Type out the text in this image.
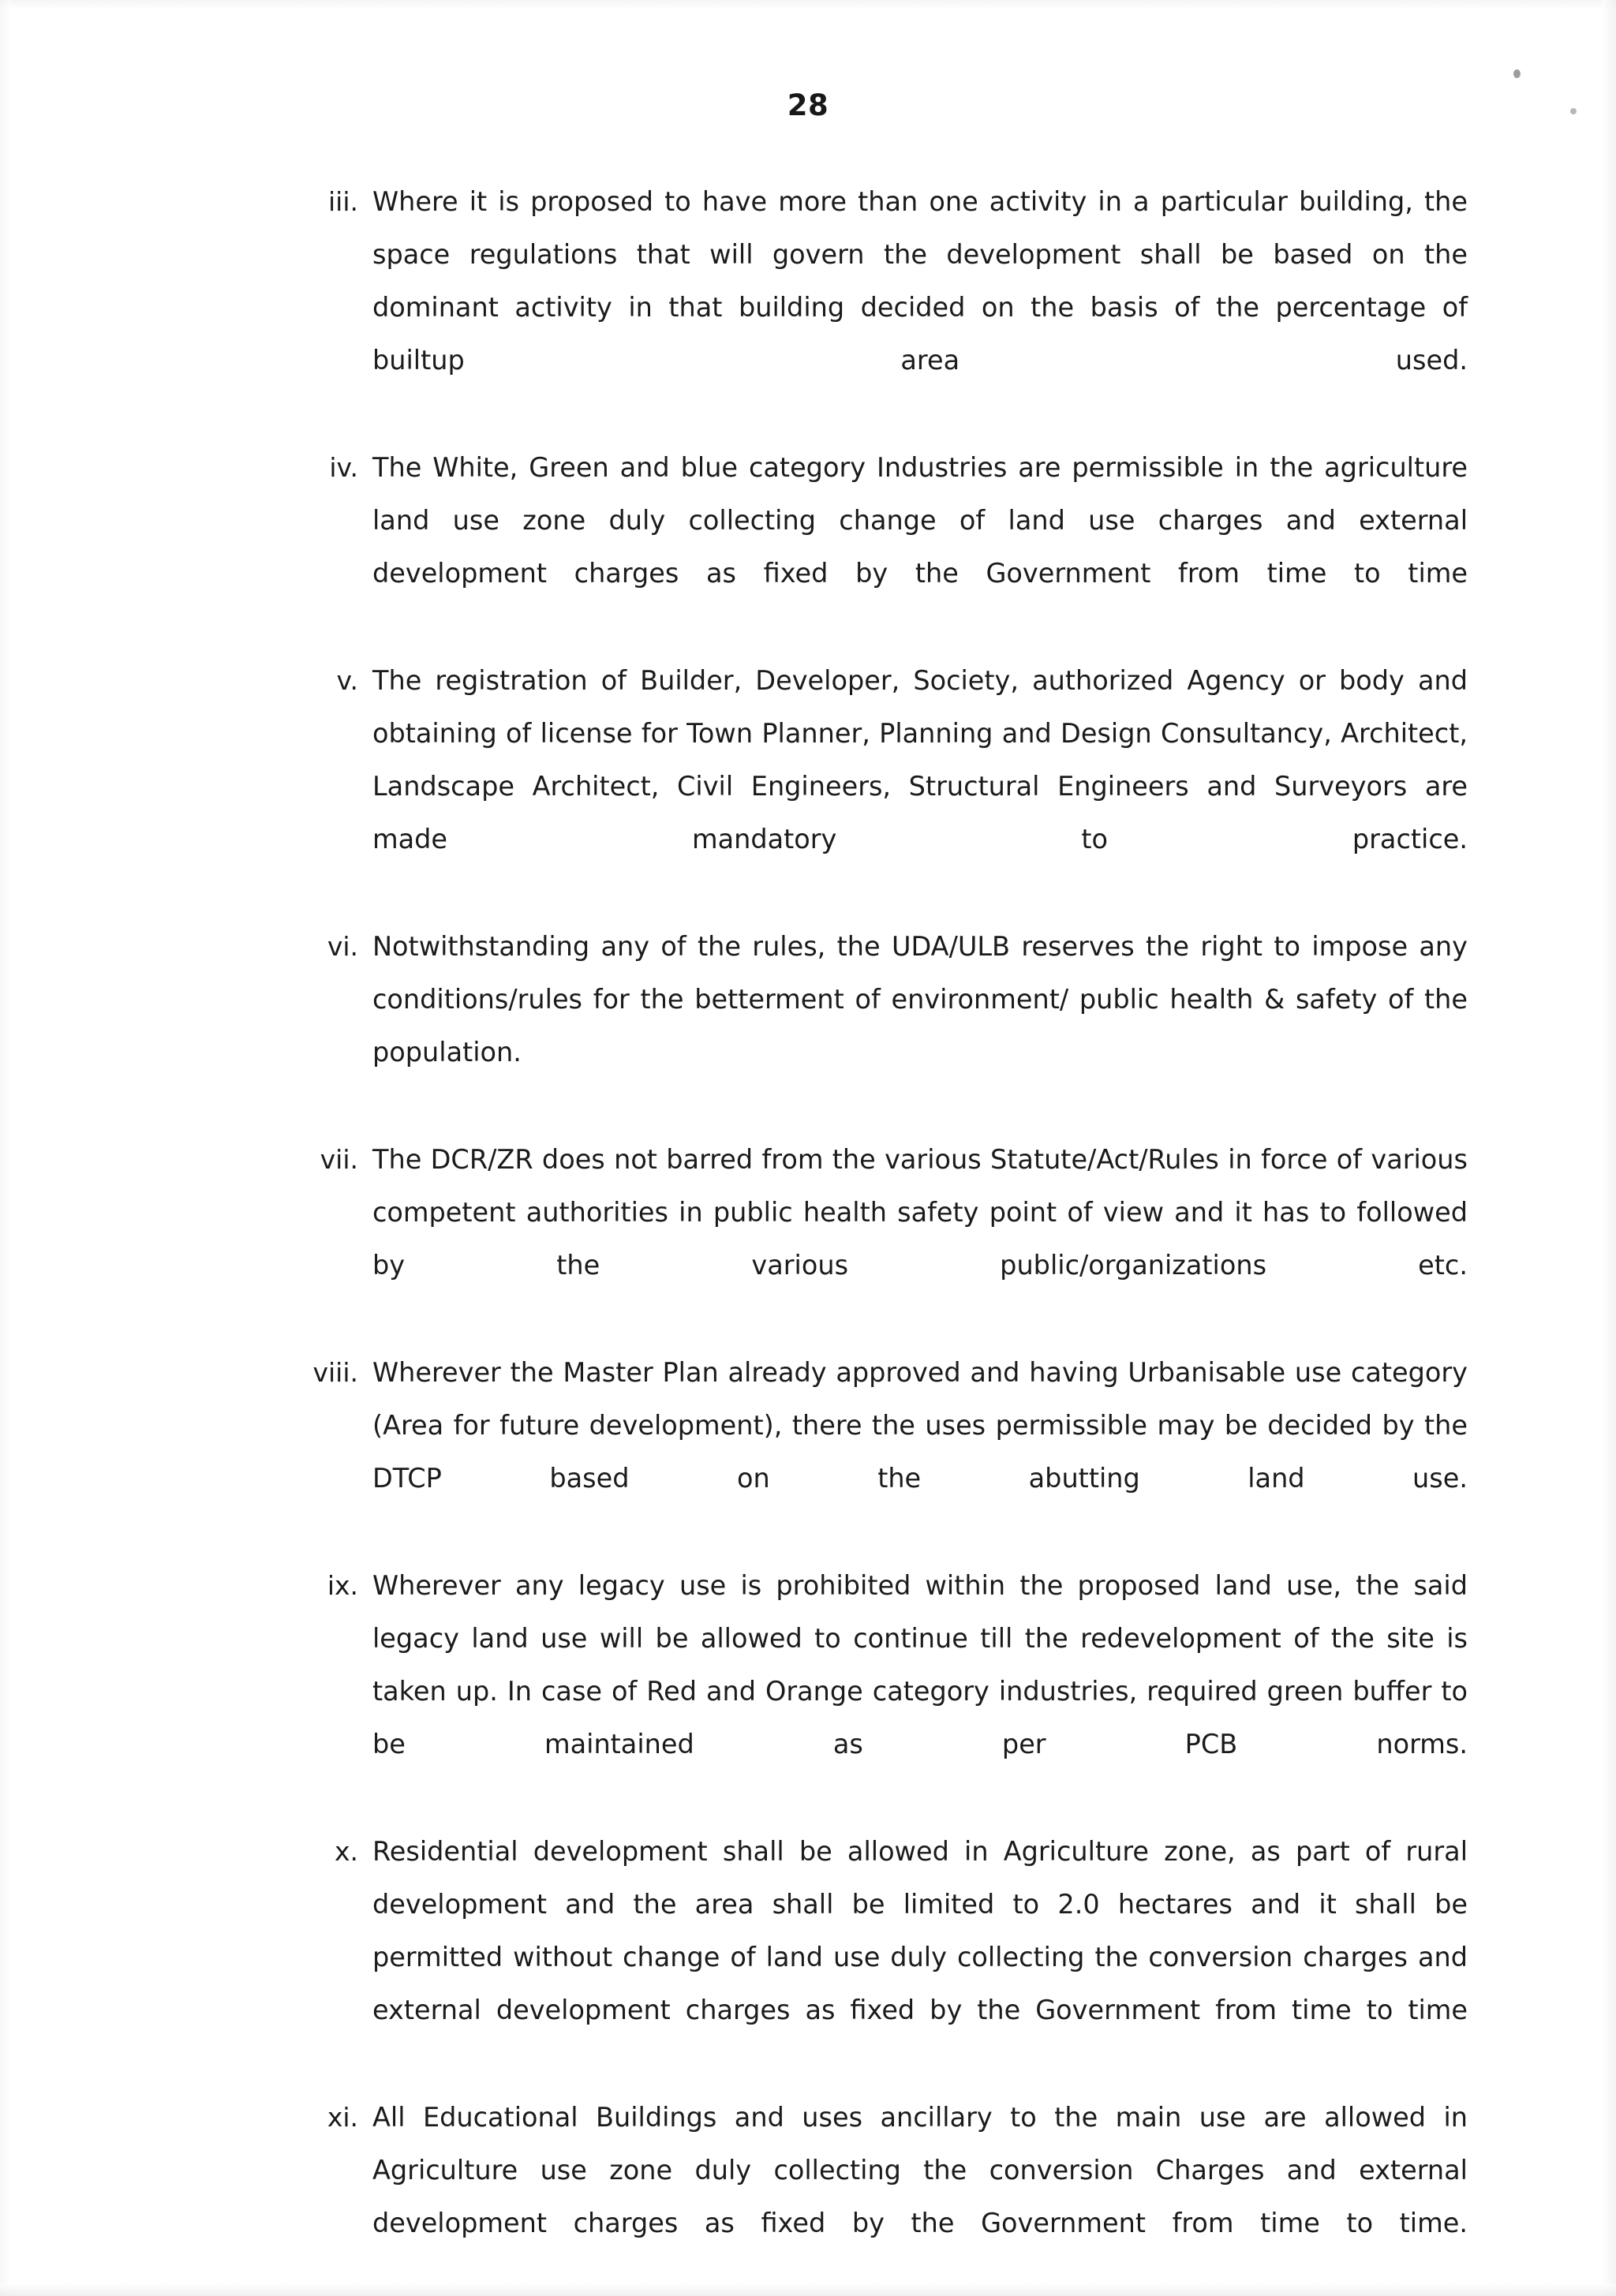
28
iii. Where it is proposed to have more than one activity in a particular building, the space regulations that will govern the development shall be based on the dominant activity in that building decided on the basis of the percentage of builtup area used.
iv. The White, Green and blue category Industries are permissible in the agriculture land use zone duly collecting change of land use charges and external development charges as fixed by the Government from time to time
v. The registration of Builder, Developer, Society, authorized Agency or body and obtaining of license for Town Planner, Planning and Design Consultancy, Architect, Landscape Architect, Civil Engineers, Structural Engineers and Surveyors are made mandatory to practice.
vi. Notwithstanding any of the rules, the UDA/ULB reserves the right to impose any conditions/rules for the betterment of environment/ public health & safety of the population.
vii. The DCR/ZR does not barred from the various Statute/Act/Rules in force of various competent authorities in public health safety point of view and it has to followed by the various public/organizations etc.
viii. Wherever the Master Plan already approved and having Urbanisable use category (Area for future development), there the uses permissible may be decided by the DTCP based on the abutting land use.
ix. Wherever any legacy use is prohibited within the proposed land use, the said legacy land use will be allowed to continue till the redevelopment of the site is taken up. In case of Red and Orange category industries, required green buffer to be maintained as per PCB norms.
x. Residential development shall be allowed in Agriculture zone, as part of rural development and the area shall be limited to 2.0 hectares and it shall be permitted without change of land use duly collecting the conversion charges and external development charges as fixed by the Government from time to time
xi. All Educational Buildings and uses ancillary to the main use are allowed in Agriculture use zone duly collecting the conversion Charges and external development charges as fixed by the Government from time to time.
